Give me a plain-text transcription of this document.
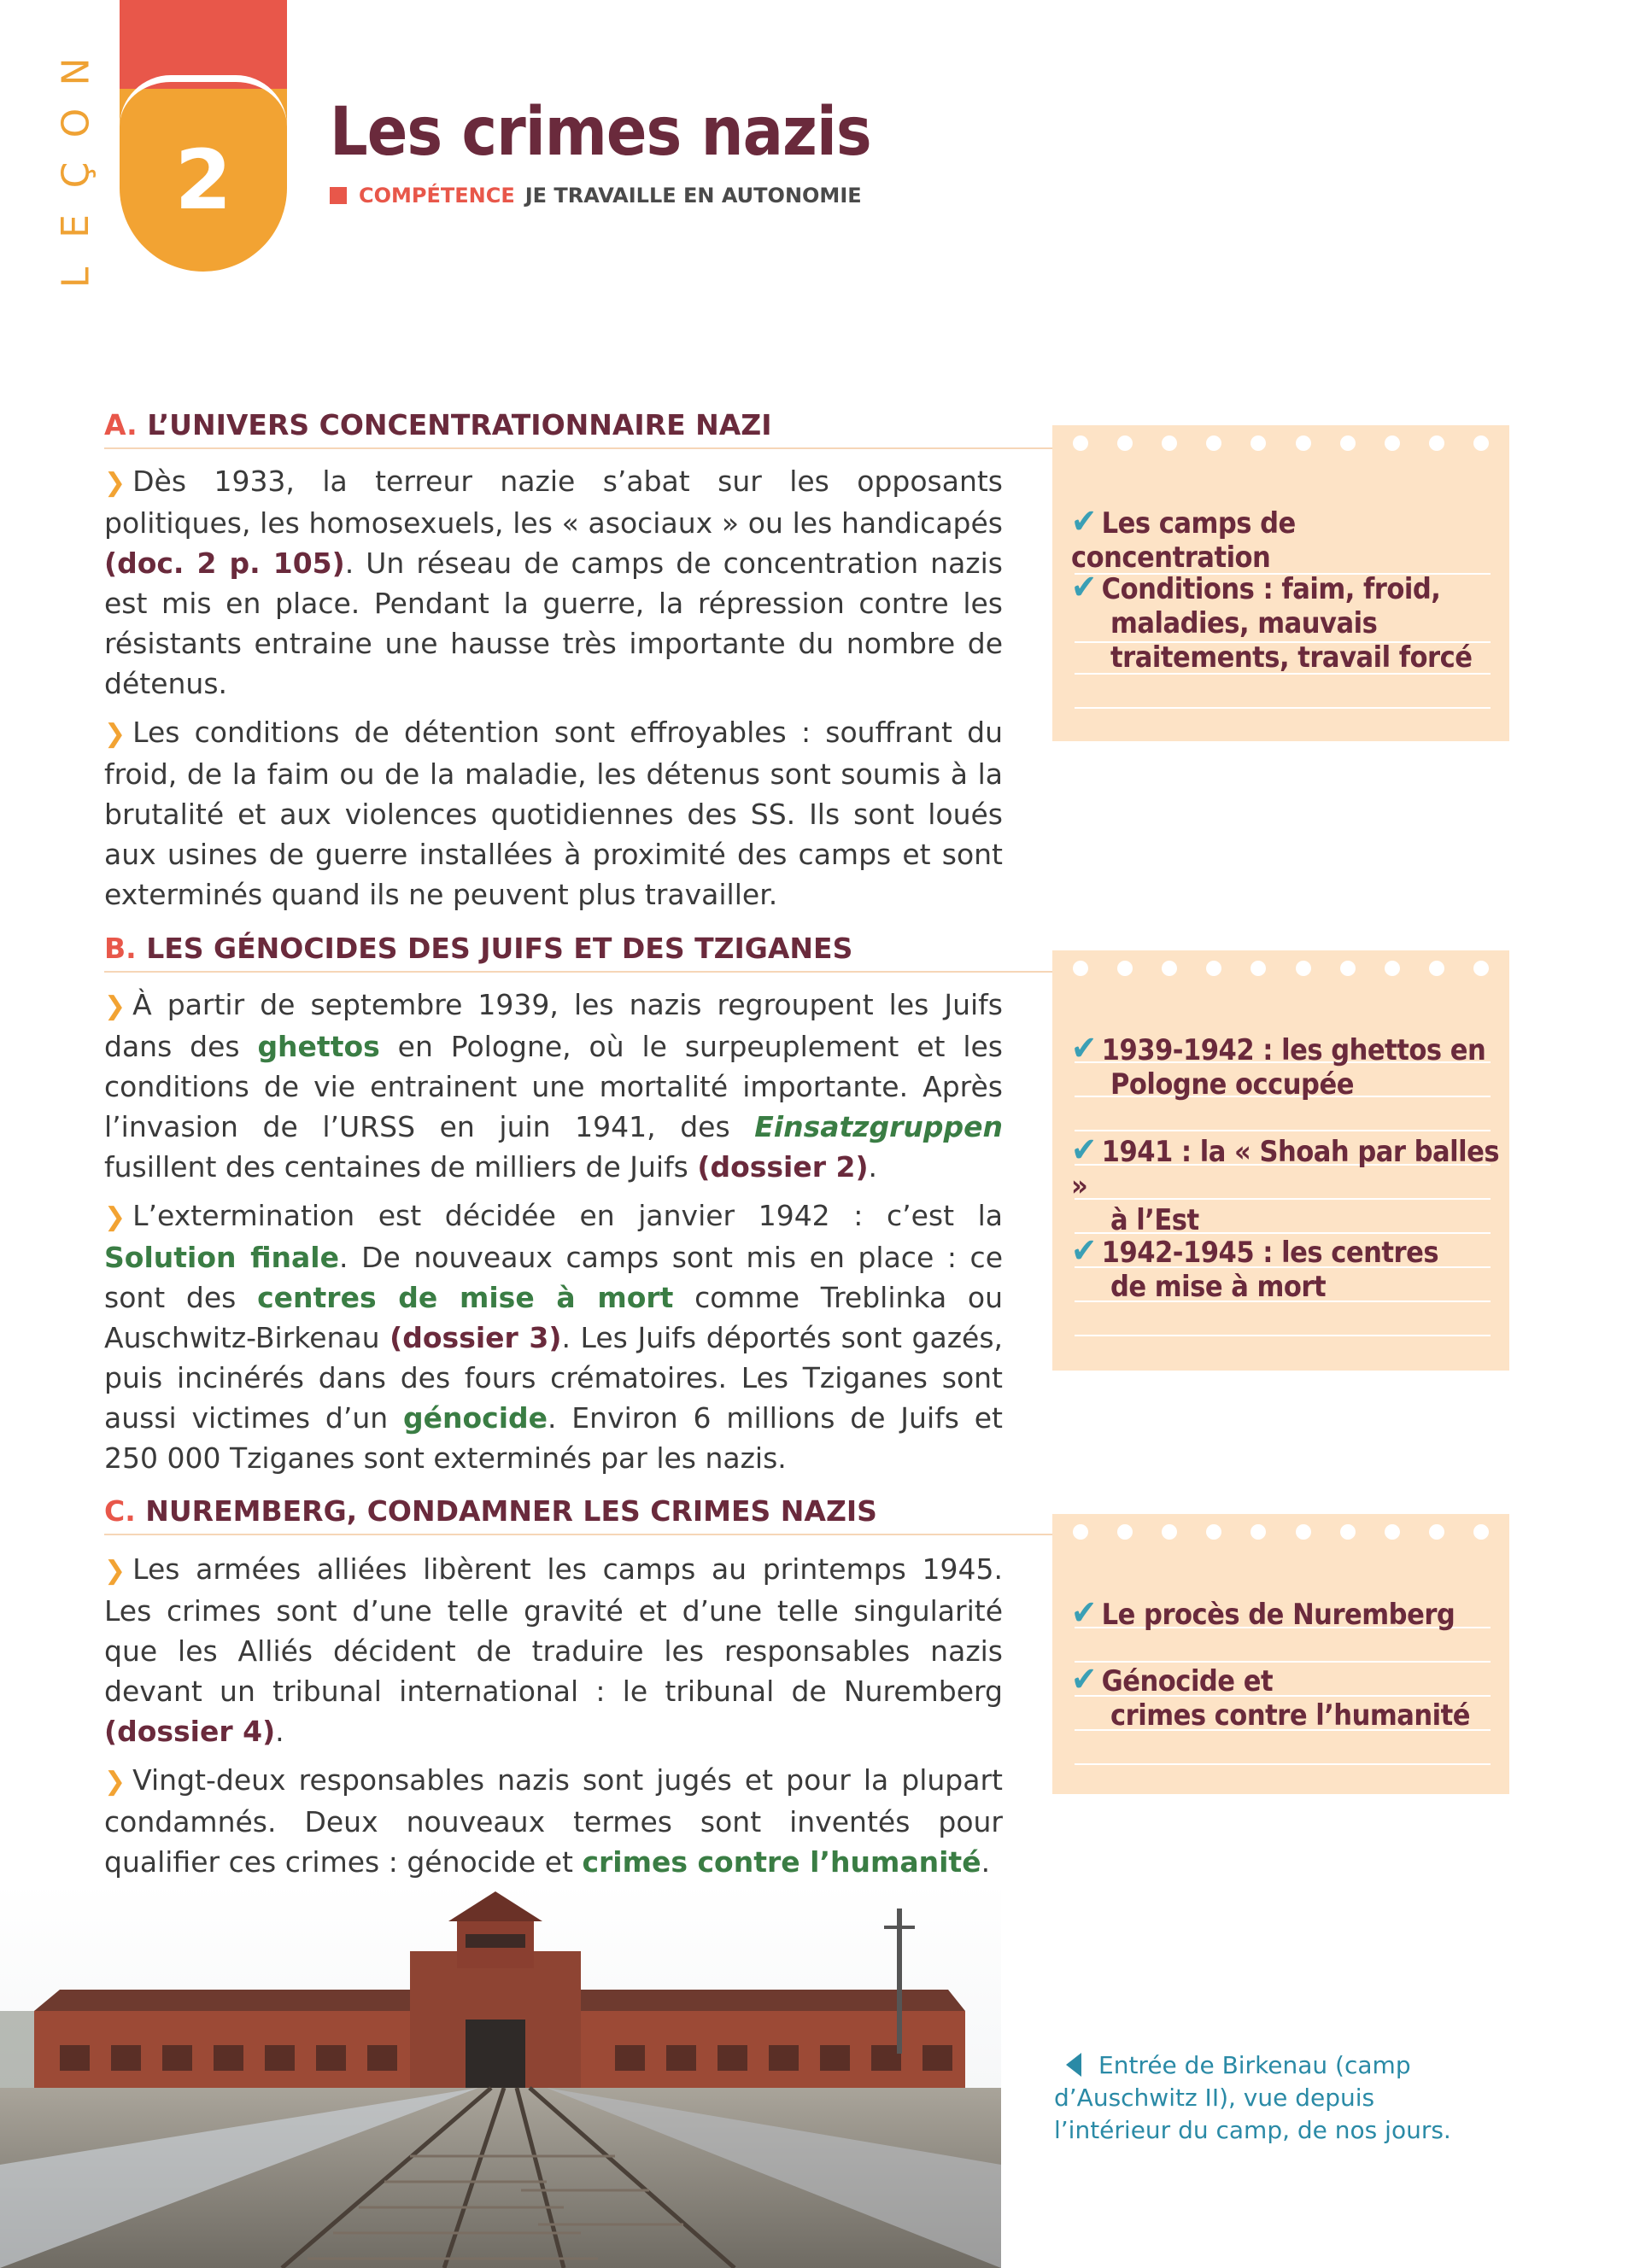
N
O
Ç
E
L
2 Les crimes nazis
COMPÉTENCE JE TRAVAILLE EN AUTONOMIE
A. L’UNIVERS CONCENTRATIONNAIRE NAZI

❯ Dès 1933, la terreur nazie s’abat sur les opposants politiques, les homosexuels, les « asociaux » ou les handicapés (doc. 2 p. 105). Un réseau de camps de concentration nazis est mis en place. Pendant la guerre, la répression contre les résistants entraine une hausse très importante du nombre de détenus.

❯ Les conditions de détention sont effroyables : souffrant du froid, de la faim ou de la maladie, les détenus sont soumis à la brutalité et aux violences quotidiennes des SS. Ils sont loués aux usines de guerre installées à proximité des camps et sont exterminés quand ils ne peuvent plus travailler.

✔ Les camps de concentration
✔ Conditions : faim, froid,
maladies, mauvais
traitements, travail forcé
B. LES GÉNOCIDES DES JUIFS ET DES TZIGANES

❯ À partir de septembre 1939, les nazis regroupent les Juifs dans des ghettos en Pologne, où le surpeuplement et les conditions de vie entrainent une mortalité importante. Après l’invasion de l’URSS en juin 1941, des Einsatzgruppen fusillent des centaines de milliers de Juifs (dossier 2).

❯ L’extermination est décidée en janvier 1942 : c’est la Solution finale. De nouveaux camps sont mis en place : ce sont des centres de mise à mort comme Treblinka ou Auschwitz-Birkenau (dossier 3). Les Juifs déportés sont gazés, puis incinérés dans des fours crématoires. Les Tziganes sont aussi victimes d’un génocide. Environ 6 millions de Juifs et 250 000 Tziganes sont exterminés par les nazis.

✔ 1939-1942 : les ghettos en
Pologne occupée
✔ 1941 : la « Shoah par balles »
à l’Est
✔ 1942-1945 : les centres
de mise à mort
C. NUREMBERG, CONDAMNER LES CRIMES NAZIS

❯ Les armées alliées libèrent les camps au printemps 1945. Les crimes sont d’une telle gravité et d’une telle singularité que les Alliés décident de traduire les responsables nazis devant un tribunal international : le tribunal de Nuremberg (dossier 4).

❯ Vingt-deux responsables nazis sont jugés et pour la plupart condamnés. Deux nouveaux termes sont inventés pour qualifier ces crimes : génocide et crimes contre l’humanité.

✔ Le procès de Nuremberg
✔ Génocide et
crimes contre l’humanité
Entrée de Birkenau (camp d’Auschwitz II), vue depuis l’intérieur du camp, de nos jours.
